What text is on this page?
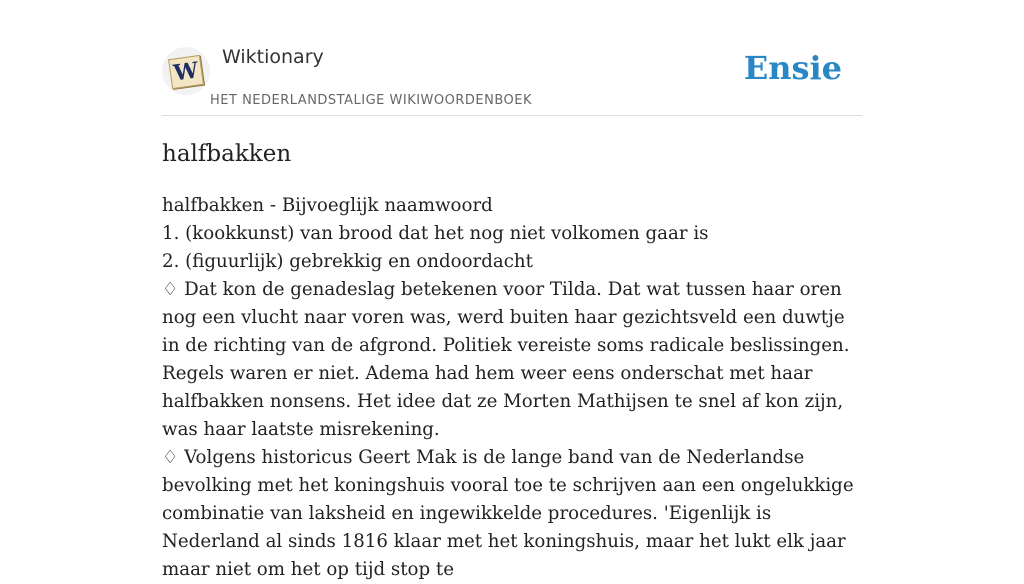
W
Wiktionary
HET NEDERLANDSTALIGE WIKIWOORDENBOEK
Ensie
halfbakken
halfbakken - Bijvoeglijk naamwoord
1. (kookkunst) van brood dat het nog niet volkomen gaar is
2. (figuurlijk) gebrekkig en ondoordacht
♢ Dat kon de genadeslag betekenen voor Tilda. Dat wat tussen haar oren nog een vlucht naar voren was, werd buiten haar gezichtsveld een duwtje in de richting van de afgrond. Politiek vereiste soms radicale beslissingen. Regels waren er niet. Adema had hem weer eens onderschat met haar halfbakken nonsens. Het idee dat ze Morten Mathijsen te snel af kon zijn, was haar laatste misrekening.
♢ Volgens historicus Geert Mak is de lange band van de Nederlandse bevolking met het koningshuis vooral toe te schrijven aan een ongelukkige combinatie van laksheid en ingewikkelde procedures. 'Eigenlijk is Nederland al sinds 1816 klaar met het koningshuis, maar het lukt elk jaar maar niet om het op tijd stop te
